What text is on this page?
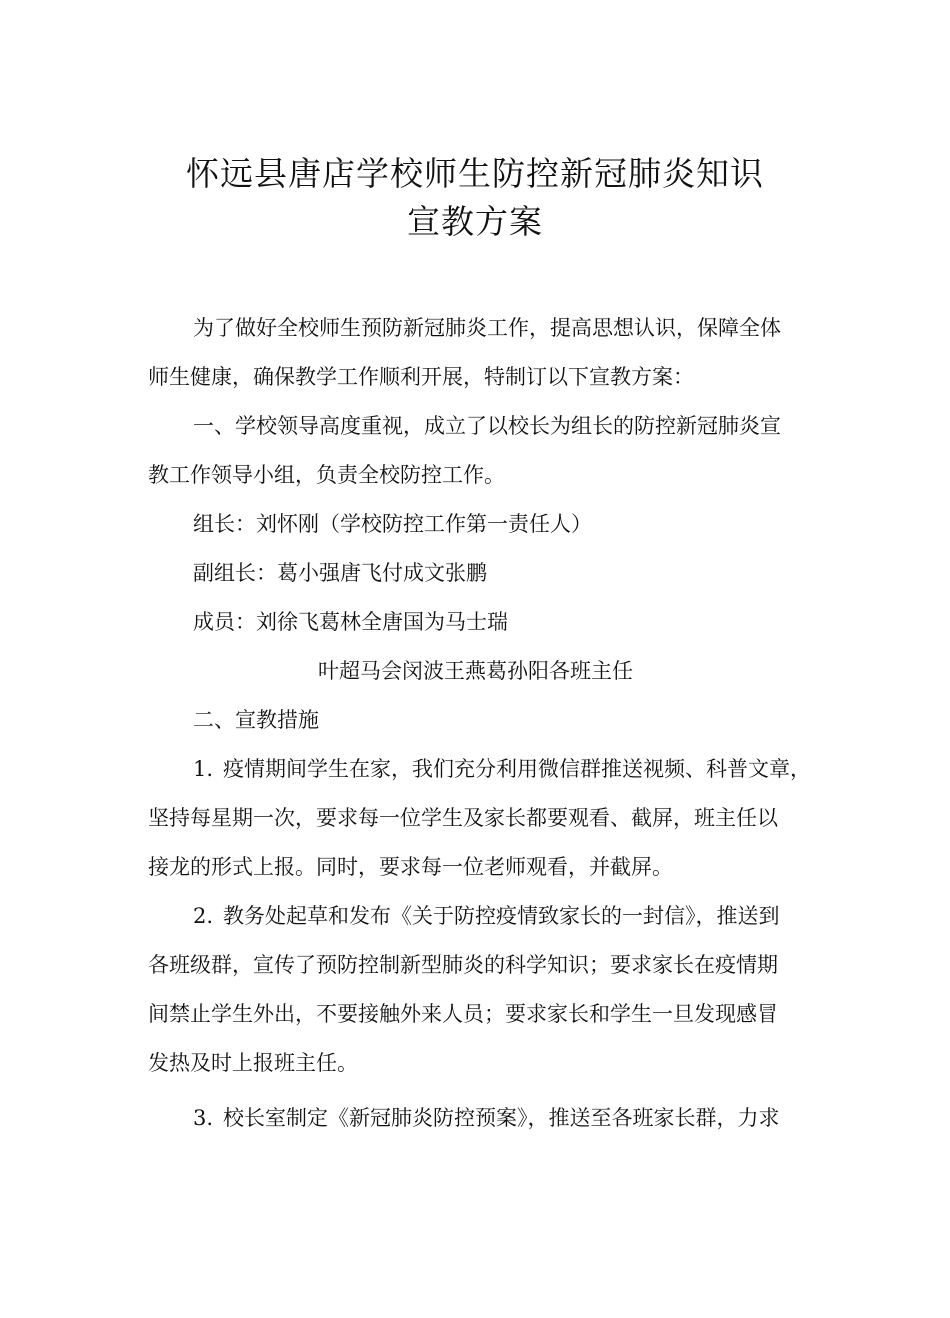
怀远县唐店学校师生防控新冠肺炎知识
宣教方案
为了做好全校师生预防新冠肺炎工作，提高思想认识，保障全体
师生健康，确保教学工作顺利开展，特制订以下宣教方案：
一、学校领导高度重视，成立了以校长为组长的防控新冠肺炎宣
教工作领导小组，负责全校防控工作。
组长：刘怀刚（学校防控工作第一责任人）
副组长：葛小强唐飞付成文张鹏
成员：刘徐飞葛林全唐国为马士瑞
叶超马会闵波王燕葛孙阳各班主任
二、宣教措施
1. 疫情期间学生在家，我们充分利用微信群推送视频、科普文章，
坚持每星期一次，要求每一位学生及家长都要观看、截屏，班主任以
接龙的形式上报。同时，要求每一位老师观看，并截屏。
2. 教务处起草和发布《关于防控疫情致家长的一封信》，推送到
各班级群，宣传了预防控制新型肺炎的科学知识；要求家长在疫情期
间禁止学生外出，不要接触外来人员；要求家长和学生一旦发现感冒
发热及时上报班主任。
3. 校长室制定《新冠肺炎防控预案》，推送至各班家长群，力求
